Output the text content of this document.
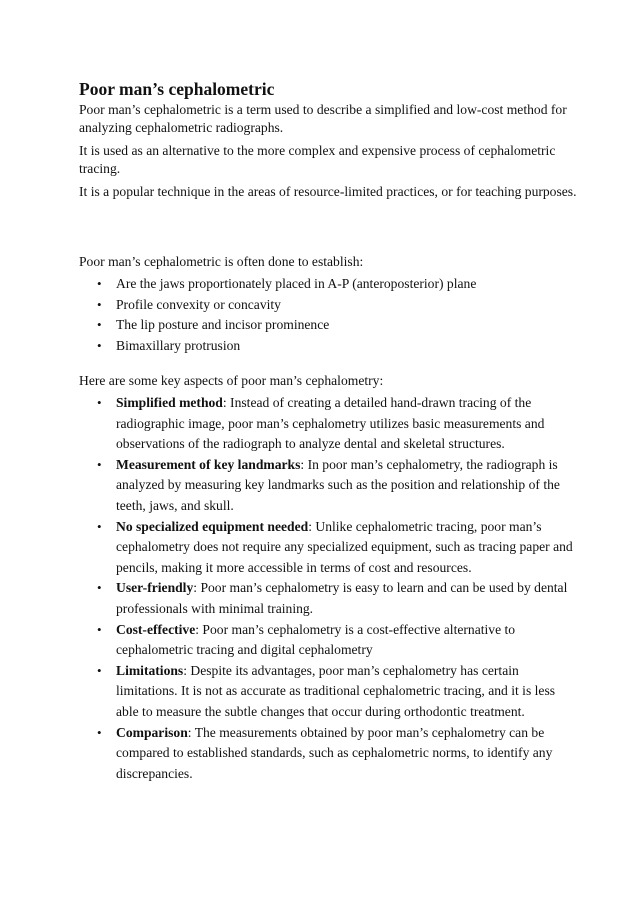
Poor man’s cephalometric

Poor man’s cephalometric is a term used to describe a simplified and low-cost method for analyzing cephalometric radiographs.

It is used as an alternative to the more complex and expensive process of cephalometric tracing.

It is a popular technique in the areas of resource-limited practices, or for teaching purposes.

Poor man’s cephalometric is often done to establish:

• Are the jaws proportionately placed in A-P (anteroposterior) plane
• Profile convexity or concavity
• The lip posture and incisor prominence
• Bimaxillary protrusion

Here are some key aspects of poor man’s cephalometry:

• Simplified method: Instead of creating a detailed hand-drawn tracing of the radiographic image, poor man’s cephalometry utilizes basic measurements and observations of the radiograph to analyze dental and skeletal structures.
• Measurement of key landmarks: In poor man’s cephalometry, the radiograph is analyzed by measuring key landmarks such as the position and relationship of the teeth, jaws, and skull.
• No specialized equipment needed: Unlike cephalometric tracing, poor man’s cephalometry does not require any specialized equipment, such as tracing paper and pencils, making it more accessible in terms of cost and resources.
• User-friendly: Poor man’s cephalometry is easy to learn and can be used by dental professionals with minimal training.
• Cost-effective: Poor man’s cephalometry is a cost-effective alternative to cephalometric tracing and digital cephalometry
• Limitations: Despite its advantages, poor man’s cephalometry has certain limitations. It is not as accurate as traditional cephalometric tracing, and it is less able to measure the subtle changes that occur during orthodontic treatment.
• Comparison: The measurements obtained by poor man’s cephalometry can be compared to established standards, such as cephalometric norms, to identify any discrepancies.
